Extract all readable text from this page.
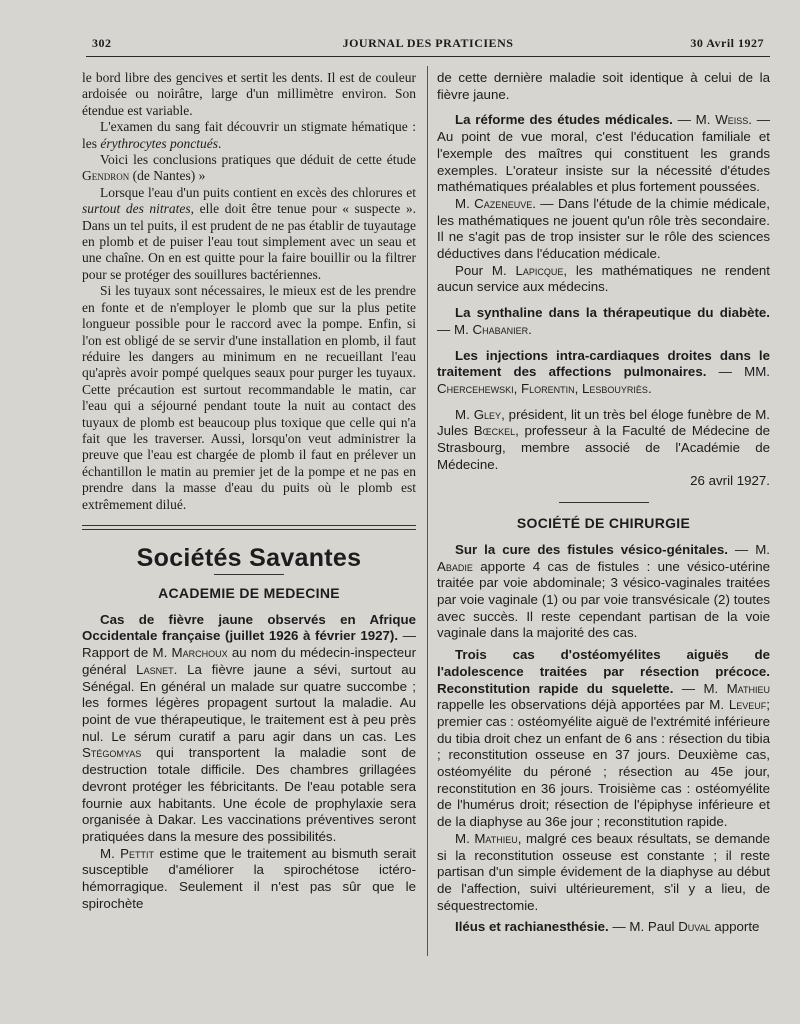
302	JOURNAL DES PRATICIENS	30 Avril 1927

le bord libre des gencives et sertit les dents. Il est de couleur ardoisée ou noirâtre, large d'un millimètre environ. Son étendue est variable.

L'examen du sang fait découvrir un stigmate hématique : les érythrocytes ponctués.

Voici les conclusions pratiques que déduit de cette étude Gendron (de Nantes) »

Lorsque l'eau d'un puits contient en excès des chlorures et surtout des nitrates, elle doit être tenue pour « suspecte ». Dans un tel puits, il est prudent de ne pas établir de tuyautage en plomb et de puiser l'eau tout simplement avec un seau et une chaîne. On en est quitte pour la faire bouillir ou la filtrer pour se protéger des souillures bactériennes.

Si les tuyaux sont nécessaires, le mieux est de les prendre en fonte et de n'employer le plomb que sur la plus petite longueur possible pour le raccord avec la pompe. Enfin, si l'on est obligé de se servir d'une installation en plomb, il faut réduire les dangers au minimum en ne recueillant l'eau qu'après avoir pompé quelques seaux pour purger les tuyaux. Cette précaution est surtout recommandable le matin, car l'eau qui a séjourné pendant toute la nuit au contact des tuyaux de plomb est beaucoup plus toxique que celle qui n'a fait que les traverser. Aussi, lorsqu'on veut administrer la preuve que l'eau est chargée de plomb il faut en prélever un échantillon le matin au premier jet de la pompe et ne pas en prendre dans la masse d'eau du puits où le plomb est extrêmement dilué.

Sociétés Savantes
ACADEMIE DE MEDECINE

Cas de fièvre jaune observés en Afrique Occidentale française (juillet 1926 à février 1927). — Rapport de M. Marchoux au nom du médecin-inspecteur général Lasnet. La fièvre jaune a sévi, surtout au Sénégal. En général un malade sur quatre succombe ; les formes légères propagent surtout la maladie. Au point de vue thérapeutique, le traitement est à peu près nul. Le sérum curatif a paru agir dans un cas. Les Stégomyas qui transportent la maladie sont de destruction totale difficile. Des chambres grillagées devront protéger les fébricitants. De l'eau potable sera fournie aux habitants. Une école de prophylaxie sera organisée à Dakar. Les vaccinations préventives seront pratiquées dans la mesure des possibilités.

M. Pettit estime que le traitement au bismuth serait susceptible d'améliorer la spirochétose ictéro-hémorragique. Seulement il n'est pas sûr que le spirochète

de cette dernière maladie soit identique à celui de la fièvre jaune.

La réforme des études médicales. — M. Weiss. — Au point de vue moral, c'est l'éducation familiale et l'exemple des maîtres qui constituent les grands exemples. L'orateur insiste sur la nécessité d'études mathématiques préalables et plus fortement poussées.

M. Cazeneuve. — Dans l'étude de la chimie médicale, les mathématiques ne jouent qu'un rôle très secondaire. Il ne s'agit pas de trop insister sur le rôle des sciences déductives dans l'éducation médicale.

Pour M. Lapicque, les mathématiques ne rendent aucun service aux médecins.

La synthaline dans la thérapeutique du diabète. — M. Chabanier.

Les injections intra-cardiaques droites dans le traitement des affections pulmonaires. — MM. Chercehewski, Florentin, Lesbouyriès.

M. Gley, président, lit un très bel éloge funèbre de M. Jules Bœckel, professeur à la Faculté de Médecine de Strasbourg, membre associé de l'Académie de Médecine.

26 avril 1927.

SOCIÉTÉ DE CHIRURGIE

Sur la cure des fistules vésico-génitales. — M. Abadie apporte 4 cas de fistules : une vésico-utérine traitée par voie abdominale; 3 vésico-vaginales traitées par voie vaginale (1) ou par voie transvésicale (2) toutes avec succès. Il reste cependant partisan de la voie vaginale dans la majorité des cas.

Trois cas d'ostéomyélites aiguës de l'adolescence traitées par résection précoce. Reconstitution rapide du squelette. — M. Mathieu rappelle les observations déjà apportées par M. Leveuf; premier cas : ostéomyélite aiguë de l'extrémité inférieure du tibia droit chez un enfant de 6 ans : résection du tibia ; reconstitution osseuse en 37 jours. Deuxième cas, ostéomyélite du péroné ; résection au 45e jour, reconstitution en 36 jours. Troisième cas : ostéomyélite de l'humérus droit; résection de l'épiphyse inférieure et de la diaphyse au 36e jour ; reconstitution rapide.

M. Mathieu, malgré ces beaux résultats, se demande si la reconstitution osseuse est constante ; il reste partisan d'un simple évidement de la diaphyse au début de l'affection, suivi ultérieurement, s'il y a lieu, de séquestrectomie.

Iléus et rachianesthésie. — M. Paul Duval apporte
